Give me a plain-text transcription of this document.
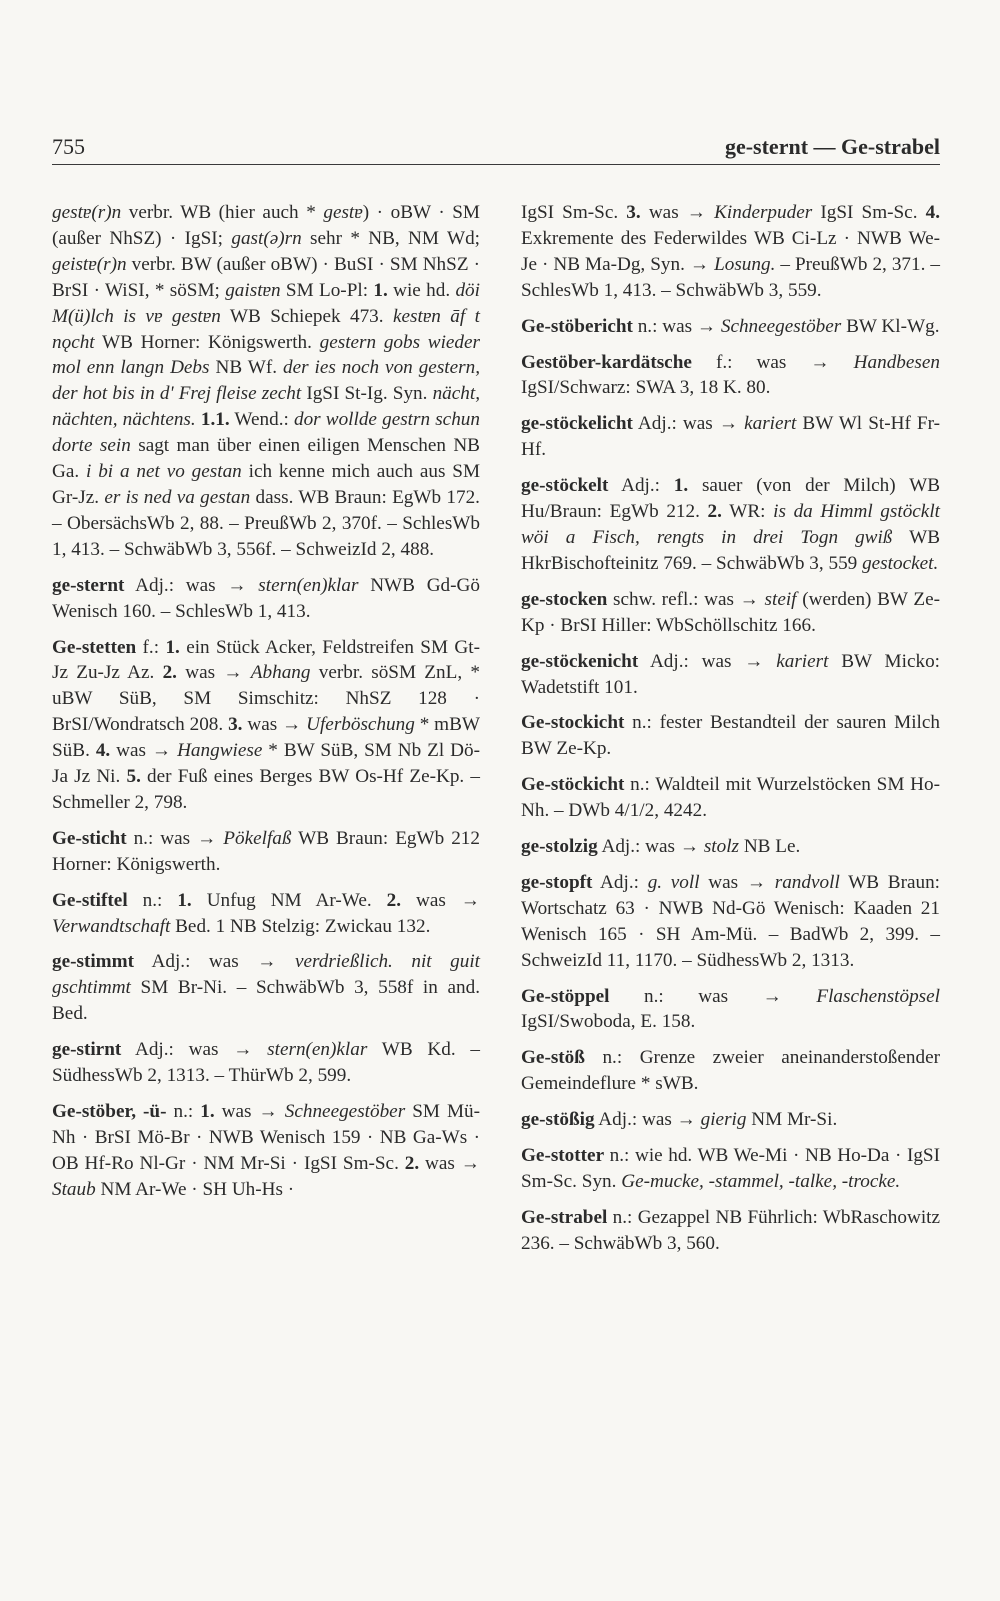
755	ge-sternt — Ge-strabel

gestɐ(r)n verbr. WB (hier auch * gestɐ) · oBW · SM (außer NhSZ) · IgSI; gast(ə)rn sehr * NB, NM Wd; geistɐ(r)n verbr. BW (außer oBW) · BuSI · SM NhSZ · BrSI · WiSI, * söSM; gaistɐn SM Lo-Pl: 1. wie hd. döi M(ü)lch is vɐ gestɐn WB Schiepek 473. kestɐn āf t nǫcht WB Horner: Königswerth. gestern gobs wieder mol enn langn Debs NB Wf. der ies noch von gestern, der hot bis in d' Frej fleise zecht IgSI St-Ig. Syn. nächt, nächten, nächtens. 1.1. Wend.: dor wollde gestrn schun dorte sein sagt man über einen eiligen Menschen NB Ga. i bi a net vo gestan ich kenne mich auch aus SM Gr-Jz. er is ned va gestan dass. WB Braun: EgWb 172. – ObersächsWb 2, 88. – PreußWb 2, 370f. – SchlesWb 1, 413. – SchwäbWb 3, 556f. – SchweizId 2, 488.

ge-sternt Adj.: was → stern(en)klar NWB Gd-Gö Wenisch 160. – SchlesWb 1, 413.

Ge-stetten f.: 1. ein Stück Acker, Feldstreifen SM Gt-Jz Zu-Jz Az. 2. was → Abhang verbr. söSM ZnL, * uBW SüB, SM Simschitz: NhSZ 128 · BrSI/Wondratsch 208. 3. was → Uferböschung * mBW SüB. 4. was → Hangwiese * BW SüB, SM Nb Zl Dö-Ja Jz Ni. 5. der Fuß eines Berges BW Os-Hf Ze-Kp. – Schmeller 2, 798.

Ge-sticht n.: was → Pökelfaß WB Braun: EgWb 212 Horner: Königswerth.

Ge-stiftel n.: 1. Unfug NM Ar-We. 2. was → Verwandtschaft Bed. 1 NB Stelzig: Zwickau 132.

ge-stimmt Adj.: was → verdrießlich. nit guit gschtimmt SM Br-Ni. – SchwäbWb 3, 558f in and. Bed.

ge-stirnt Adj.: was → stern(en)klar WB Kd. – SüdhessWb 2, 1313. – ThürWb 2, 599.

Ge-stöber, -ü- n.: 1. was → Schneegestöber SM Mü-Nh · BrSI Mö-Br · NWB Wenisch 159 · NB Ga-Ws · OB Hf-Ro Nl-Gr · NM Mr-Si · IgSI Sm-Sc. 2. was → Staub NM Ar-We · SH Uh-Hs ·

IgSI Sm-Sc. 3. was → Kinderpuder IgSI Sm-Sc. 4. Exkremente des Federwildes WB Ci-Lz · NWB We-Je · NB Ma-Dg, Syn. → Losung. – PreußWb 2, 371. – SchlesWb 1, 413. – SchwäbWb 3, 559.

Ge-stöbericht n.: was → Schneegestöber BW Kl-Wg.

Gestöber-kardätsche f.: was → Handbesen IgSI/Schwarz: SWA 3, 18 K. 80.

ge-stöckelicht Adj.: was → kariert BW Wl St-Hf Fr-Hf.

ge-stöckelt Adj.: 1. sauer (von der Milch) WB Hu/Braun: EgWb 212. 2. WR: is da Himml gstöcklt wöi a Fisch, rengts in drei Togn gwiß WB HkrBischofteinitz 769. – SchwäbWb 3, 559 gestocket.

ge-stocken schw. refl.: was → steif (werden) BW Ze-Kp · BrSI Hiller: WbSchöllschitz 166.

ge-stöckenicht Adj.: was → kariert BW Micko: Wadetstift 101.

Ge-stockicht n.: fester Bestandteil der sauren Milch BW Ze-Kp.

Ge-stöckicht n.: Waldteil mit Wurzelstöcken SM Ho-Nh. – DWb 4/1/2, 4242.

ge-stolzig Adj.: was → stolz NB Le.

ge-stopft Adj.: g. voll was → randvoll WB Braun: Wortschatz 63 · NWB Nd-Gö Wenisch: Kaaden 21 Wenisch 165 · SH Am-Mü. – BadWb 2, 399. – SchweizId 11, 1170. – SüdhessWb 2, 1313.

Ge-stöppel n.: was → Flaschenstöpsel IgSI/Swoboda, E. 158.

Ge-stöß n.: Grenze zweier aneinanderstoßender Gemeindeflure * sWB.

ge-stößig Adj.: was → gierig NM Mr-Si.

Ge-stotter n.: wie hd. WB We-Mi · NB Ho-Da · IgSI Sm-Sc. Syn. Ge-mucke, -stammel, -talke, -trocke.

Ge-strabel n.: Gezappel NB Führlich: WbRaschowitz 236. – SchwäbWb 3, 560.
